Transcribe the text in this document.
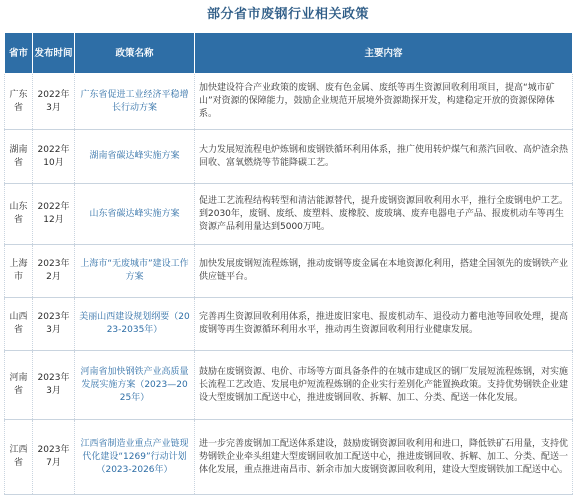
部分省市废钢行业相关政策
省市	发布时间	政策名称	主要内容
广东省	2022年3月	广东省促进工业经济平稳增长行动方案	加快建设符合产业政策的废钢、废有色金属、废纸等再生资源回收利用项目，提高“城市矿山”对资源的保障能力，鼓励企业规范开展境外资源勘探开发，构建稳定开放的资源保障体系。
湖南省	2022年10月	湖南省碳达峰实施方案	大力发展短流程电炉炼钢和废钢铁循环利用体系，推广使用转炉煤气和蒸汽回收、高炉渣余热回收、富氧燃烧等节能降碳工艺。
山东省	2022年12月	山东省碳达峰实施方案	促进工艺流程结构转型和清洁能源替代，提升废钢资源回收利用水平，推行全废钢电炉工艺。到2030年，废钢、废纸、废塑料、废橡胶、废玻璃、废弃电器电子产品、报废机动车等再生资源产品利用量达到5000万吨。
上海市	2023年2月	上海市“无废城市”建设工作方案	加快发展废钢短流程炼钢，推动废钢等废金属在本地资源化利用，搭建全国领先的废钢铁产业供应链平台。
山西省	2023年3月	美丽山西建设规划纲要（2023-2035年）	完善再生资源回收利用体系，推进废旧家电、报废机动车、退役动力蓄电池等回收处理，提高废钢等再生资源循环利用水平，推动再生资源回收利用行业健康发展。
河南省	2023年3月	河南省加快钢铁产业高质量发展实施方案（2023—2025年）	鼓励在废钢资源、电价、市场等方面具备条件的在城市建成区的钢厂发展短流程炼钢，对实施长流程工艺改造、发展电炉短流程炼钢的企业实行差别化产能置换政策。支持优势钢铁企业建设大型废钢加工配送中心，推进废钢回收、拆解、加工、分类、配送一体化发展。
江西省	2023年7月	江西省制造业重点产业链现代化建设“1269”行动计划（2023-2026年）	进一步完善废钢加工配送体系建设，鼓励废钢资源回收利用和进口，降低铁矿石用量，支持优势钢铁企业牵头组建大型废钢回收加工配送中心，推进废钢回收、拆解、加工、分类、配送一体化发展，重点推进南昌市、新余市加大废钢资源回收利用，建设大型废钢铁加工配送中心。
